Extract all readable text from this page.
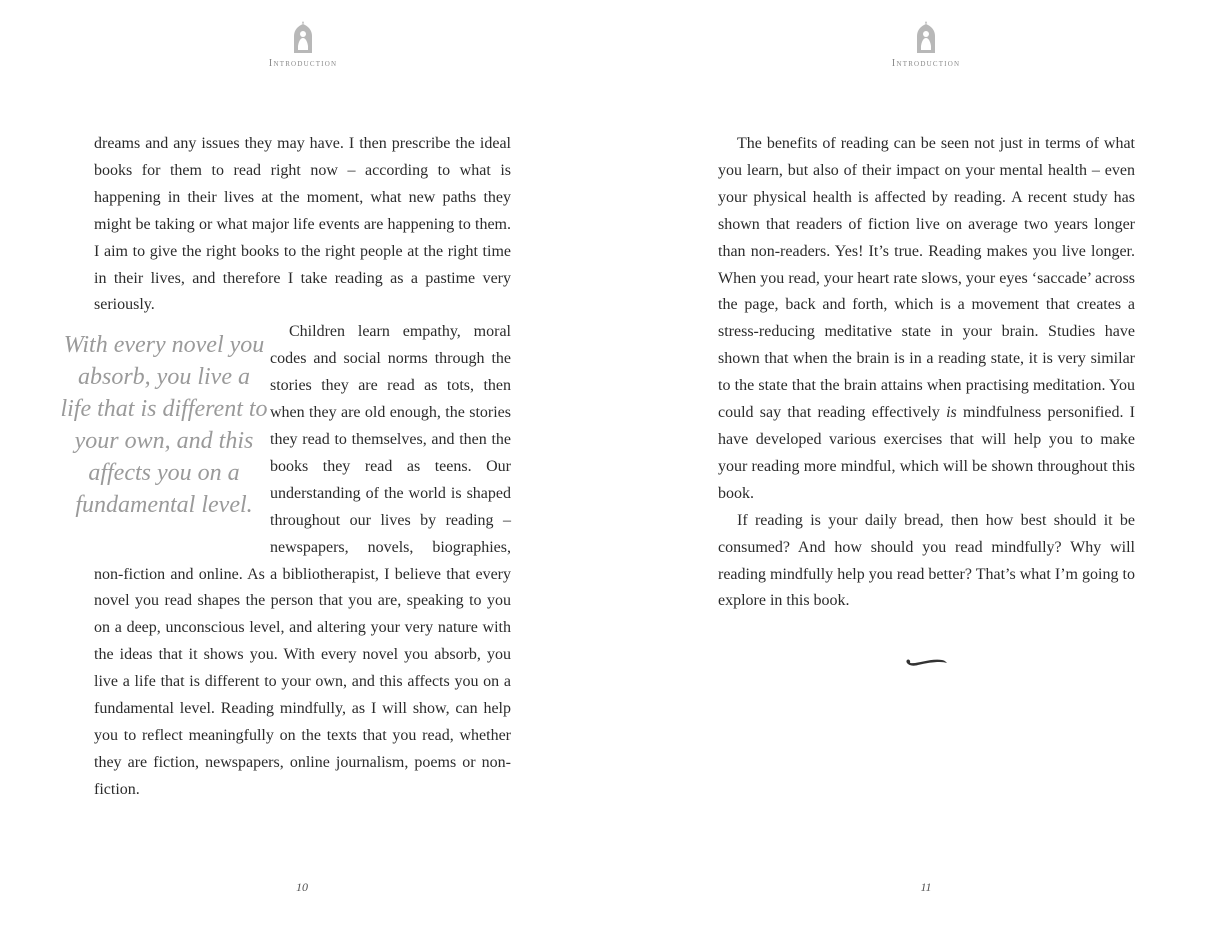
Introduction

dreams and any issues they may have. I then prescribe the ideal books for them to read right now – according to what is happening in their lives at the moment, what new paths they might be taking or what major life events are happening to them. I aim to give the right books to the right people at the right time in their lives, and therefore I take reading as a pastime very seriously.

With every novel you absorb, you live a life that is different to your own, and this affects you on a fundamental level.

Children learn empathy, moral codes and social norms through the stories they are read as tots, then when they are old enough, the stories they read to themselves, and then the books they read as teens. Our understanding of the world is shaped throughout our lives by reading – newspapers, novels, biographies, non-fiction and online. As a bibliotherapist, I believe that every novel you read shapes the person that you are, speaking to you on a deep, unconscious level, and altering your very nature with the ideas that it shows you. With every novel you absorb, you live a life that is different to your own, and this affects you on a fundamental level. Reading mindfully, as I will show, can help you to reflect meaningfully on the texts that you read, whether they are fiction, newspapers, online journalism, poems or non-fiction.

10
Introduction

The benefits of reading can be seen not just in terms of what you learn, but also of their impact on your mental health – even your physical health is affected by reading. A recent study has shown that readers of fiction live on average two years longer than non-readers. Yes! It’s true. Reading makes you live longer. When you read, your heart rate slows, your eyes ‘saccade’ across the page, back and forth, which is a movement that creates a stress-reducing meditative state in your brain. Studies have shown that when the brain is in a reading state, it is very similar to the state that the brain attains when practising meditation. You could say that reading effectively is mindfulness personified. I have developed various exercises that will help you to make your reading more mindful, which will be shown throughout this book.

If reading is your daily bread, then how best should it be consumed? And how should you read mindfully? Why will reading mindfully help you read better? That’s what I’m going to explore in this book.

11
